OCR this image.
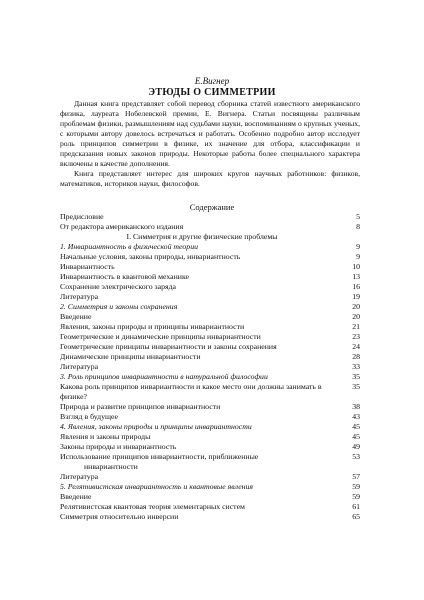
Е.Вигнер
ЭТЮДЫ О СИММЕТРИИ

Данная книга представляет собой перевод сборника статей известного американского физика, лауреата Нобелевской премии, Е. Вигнера. Статьи посвящены различным проблемам физики, размышлениям над судьбами науки, воспоминаниям о крупных ученых, с которыми автору довелось встречаться и работать. Особенно подробно автор исследует роль принципов симметрии в физике, их значение для отбора, классификации и предсказания новых законов природы. Некоторые работы более специального характера включены в качестве дополнения.

Книга представляет интерес для широких кругов научных работников: физиков, математиков, историков науки, философов.

Содержание
Предисловие	5
От редактора американского издания	8
I. Симметрия и другие физические проблемы
1. Инвариантность в физической теории	9
Начальные условия, законы природы, инвариантность	9
Инвариантность	10
Инвариантность в квантовой механике	13
Сохранение электрического заряда	16
Литература	19
2. Симметрия и законы сохранения	20
Введение	20
Явления, законы природы и принципы инвариантности	21
Геометрические и динамические принципы инвариантности	23
Геометрические принципы инвариантности и законы сохранения	24
Динамические принципы инвариантности	28
Литература	33
3. Роль принципов инвариантности в натуральной философии	35
Какова роль принципов инвариантности и какое место они должны занимать в физике?
35
Природа и развитие принципов инвариантности	38
Взгляд в будущее	43
4. Явления, законы природы и принципы инвариантности	45
Явления и законы природы	45
Законы природы и инвариантность	49
Использование принципов инвариантности, приближенные	53
инвариантности
Литература	57
5. Релятивистская инвариантность и квантовые явления	59
Введение	59
Релятивистская квантовая теория элементарных систем	61
Симметрия относительно инверсии	65
